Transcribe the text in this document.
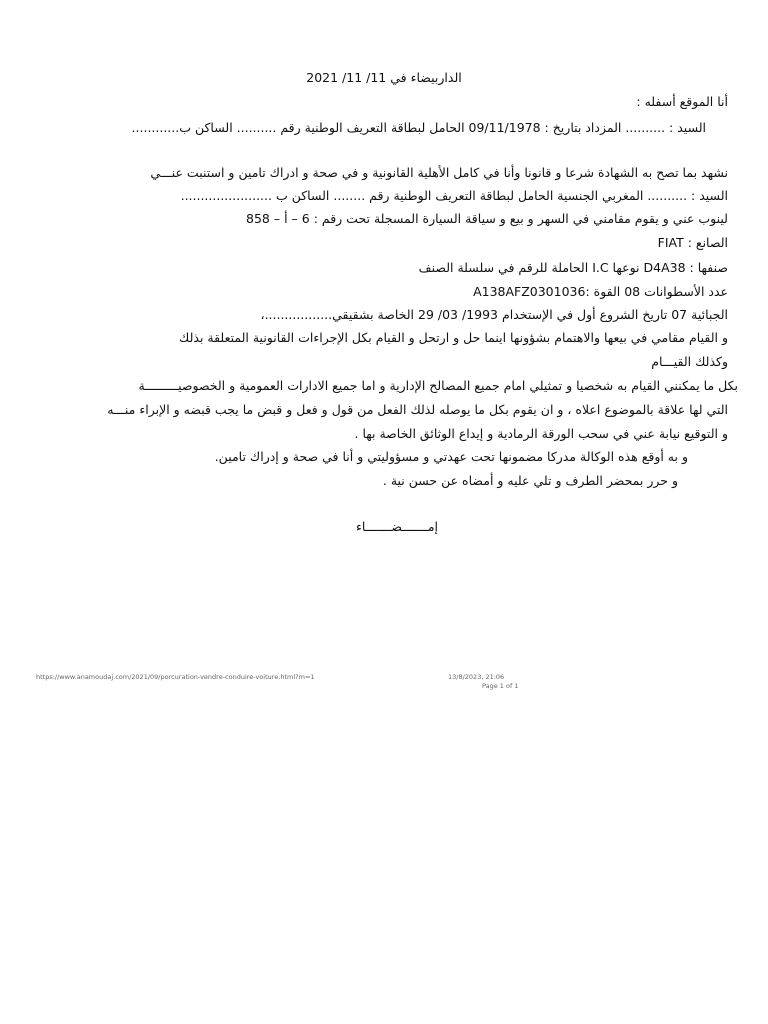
الداربيضاء في 11/ 11/ 2021
أنا الموقع أسفله :
السيد : .......... المزداد بتاريخ : 09/11/1978 الحامل لبطاقة التعريف الوطنية رقم .......... الساكن ب............
نشهد بما تصح به الشهادة شرعا و قانونا وأنا في كامل الأهلية القانونية و في صحة و ادراك تامين و استنبت عنـــي
السيد : .......... المغربي الجنسية الحامل لبطاقة التعريف الوطنية رقم ........ الساكن ب .......................
لينوب عني و يقوم مقامني في السهر و بيع و سياقة السيارة المسجلة تحت رقم : 6 – أ – 858
الصانع : FIAT
صنفها : D4A38 نوعها I.C الحاملة للرقم في سلسلة الصنف
A138AFZ0301036: عدد الأسطوانات 08 القوة
الجبائية 07 تاريخ الشروع أول في الإستخدام 1993/ 03/ 29 الخاصة بشقيقي.................،
و القيام مقامي في بيعها والاهتمام بشؤونها اينما حل و ارتحل و القيام بكل الإجراءات القانونية المتعلقة بذلك
وكذلك القيـــام
بكل ما يمكنني القيام به شخصيا و تمثيلي امام جميع المصالح الإدارية و اما جميع الادارات العمومية و الخصوصيـــــــــة
التي لها علاقة بالموضوع اعلاه ، و ان يقوم بكل ما يوصله لذلك الفعل من قول و فعل و قبض ما يجب قبضه و الإبراء منـــه
و التوقيع نيابة عني في سحب الورقة الرمادية و إيداع الوثائق الخاصة بها .
و به أوقع هذه الوكالة مدركا مضمونها تحت عهدتي و مسؤوليتي و أنا في صحة و إدراك تامين.
و حرر بمحضر الطرف و تلي عليه و أمضاه عن حسن نية .
إمـــــــضـــــــاء
https://www.anamoudaj.com/2021/09/porcuration-vendre-conduire-voiture.html?m=1	13/8/2023, 21:06
Page 1 of 1
